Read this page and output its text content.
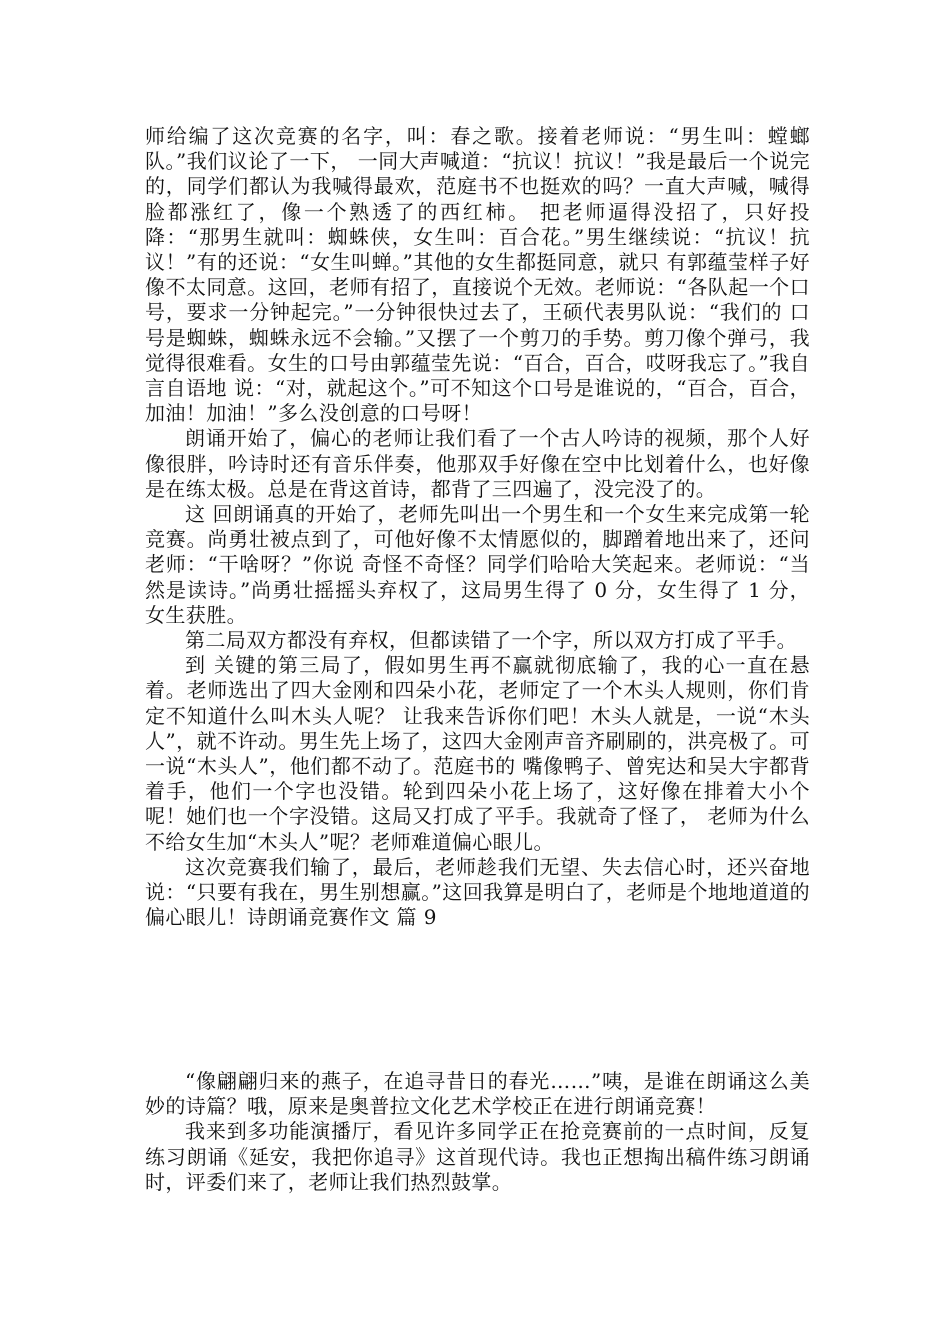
师给编了这次竞赛的名字，叫：春之歌。接着老师说：“男生叫：螳螂队。”我们议论了一下， 一同大声喊道：“抗议！抗议！”我是最后一个说完的，同学们都认为我喊得最欢，范庭书不也挺欢的吗？一直大声喊，喊得脸都涨红了，像一个熟透了的西红柿。 把老师逼得没招了，只好投降：“那男生就叫：蜘蛛侠，女生叫：百合花。”男生继续说：“抗议！抗议！”有的还说：“女生叫蝉。”其他的女生都挺同意，就只 有郭蕴莹样子好像不太同意。这回，老师有招了，直接说个无效。老师说：“各队起一个口号，要求一分钟起完。”一分钟很快过去了，王硕代表男队说：“我们的 口号是蜘蛛，蜘蛛永远不会输。”又摆了一个剪刀的手势。剪刀像个弹弓，我觉得很难看。女生的口号由郭蕴莹先说：“百合，百合，哎呀我忘了。”我自言自语地 说：“对，就起这个。”可不知这个口号是谁说的，“百合，百合，加油！加油！”多么没创意的口号呀！

朗诵开始了，偏心的老师让我们看了一个古人吟诗的视频，那个人好像很胖，吟诗时还有音乐伴奏，他那双手好像在空中比划着什么，也好像是在练太极。总是在背这首诗，都背了三四遍了，没完没了的。

这 回朗诵真的开始了，老师先叫出一个男生和一个女生来完成第一轮竞赛。尚勇壮被点到了，可他好像不太情愿似的，脚蹭着地出来了，还问老师：“干啥呀？”你说 奇怪不奇怪？同学们哈哈大笑起来。老师说：“当然是读诗。”尚勇壮摇摇头弃权了，这局男生得了 0 分，女生得了 1 分，女生获胜。

第二局双方都没有弃权，但都读错了一个字，所以双方打成了平手。

到 关键的第三局了，假如男生再不赢就彻底输了，我的心一直在悬着。老师选出了四大金刚和四朵小花，老师定了一个木头人规则，你们肯定不知道什么叫木头人呢？ 让我来告诉你们吧！木头人就是，一说“木头人”，就不许动。男生先上场了，这四大金刚声音齐刷刷的，洪亮极了。可一说“木头人”，他们都不动了。范庭书的 嘴像鸭子、曾宪达和吴大宇都背着手，他们一个字也没错。轮到四朵小花上场了，这好像在排着大小个呢！她们也一个字没错。这局又打成了平手。我就奇了怪了， 老师为什么不给女生加“木头人”呢？老师难道偏心眼儿。

这次竞赛我们输了，最后，老师趁我们无望、失去信心时，还兴奋地说：“只要有我在，男生别想赢。”这回我算是明白了，老师是个地地道道的偏心眼儿！诗朗诵竞赛作文 篇 9

“像翩翩归来的燕子，在追寻昔日的春光……”咦，是谁在朗诵这么美妙的诗篇？哦，原来是奥普拉文化艺术学校正在进行朗诵竞赛！

我来到多功能演播厅，看见许多同学正在抢竞赛前的一点时间，反复练习朗诵《延安，我把你追寻》这首现代诗。我也正想掏出稿件练习朗诵时，评委们来了，老师让我们热烈鼓掌。
